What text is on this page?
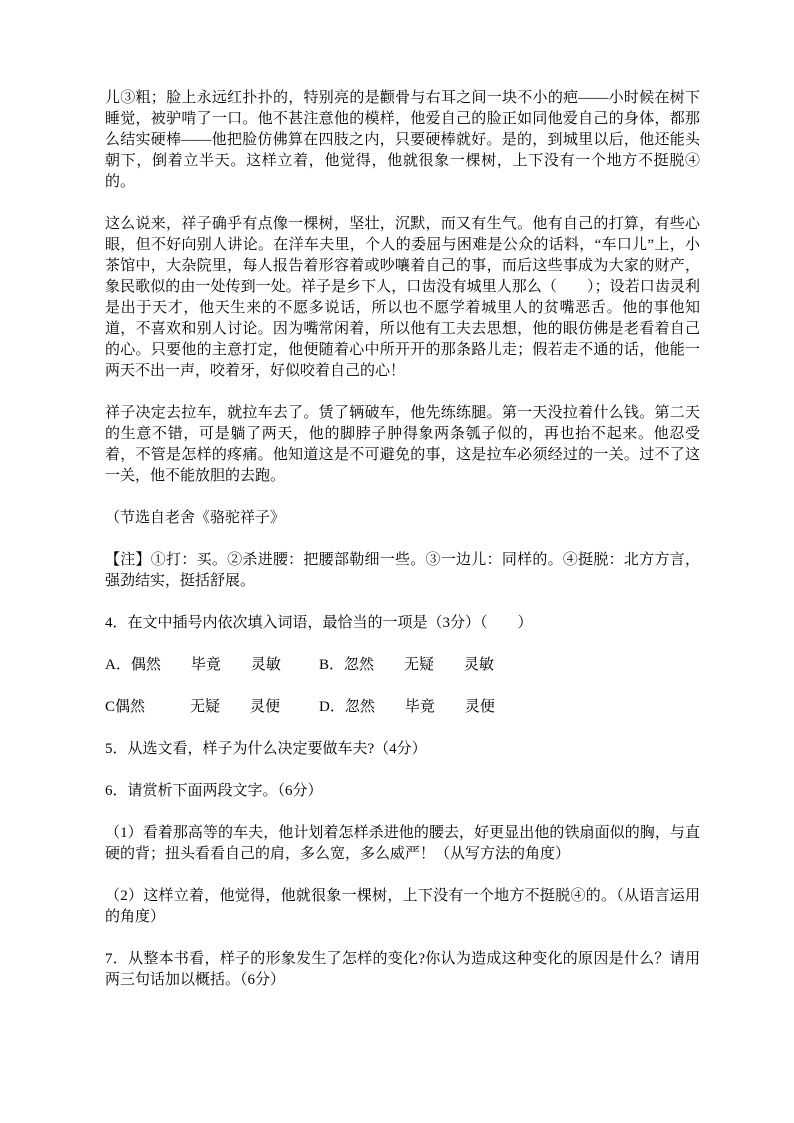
儿③粗；脸上永远红扑扑的，特别亮的是颧骨与右耳之间一块不小的疤——小时候在树下睡觉，被驴啃了一口。他不甚注意他的模样，他爱自己的脸正如同他爱自己的身体，都那么结实硬棒——他把脸仿佛算在四肢之内，只要硬棒就好。是的，到城里以后，他还能头朝下，倒着立半天。这样立着，他觉得，他就很象一棵树，上下没有一个地方不挺脱④的。

这么说来，祥子确乎有点像一棵树，坚壮，沉默，而又有生气。他有自己的打算，有些心眼，但不好向别人讲论。在洋车夫里，个人的委屈与困难是公众的话料，“车口儿”上，小茶馆中，大杂院里，每人报告着形容着或吵嚷着自己的事，而后这些事成为大家的财产，象民歌似的由一处传到一处。祥子是乡下人，口齿没有城里人那么（　　）；设若口齿灵利是出于天才，他天生来的不愿多说话，所以也不愿学着城里人的贫嘴恶舌。他的事他知道，不喜欢和别人讨论。因为嘴常闲着，所以他有工夫去思想，他的眼仿佛是老看着自己的心。只要他的主意打定，他便随着心中所开开的那条路儿走；假若走不通的话，他能一两天不出一声，咬着牙，好似咬着自己的心！

祥子决定去拉车，就拉车去了。赁了辆破车，他先练练腿。第一天没拉着什么钱。第二天的生意不错，可是躺了两天，他的脚脖子肿得象两条瓠子似的，再也抬不起来。他忍受着，不管是怎样的疼痛。他知道这是不可避免的事，这是拉车必须经过的一关。过不了这一关，他不能放胆的去跑。

（节选自老舍《骆驼祥子》

【注】①打：买。②杀进腰：把腰部勒细一些。③一边儿：同样的。④挺脱：北方方言，强劲结实，挺括舒展。

4．在文中插号内依次填入词语，最恰当的一项是（3分）（　　）

A．偶然　　毕竟　　灵敏	B．忽然　　无疑　　灵敏

C偶然　　　无疑　　灵便	D．忽然　　毕竟　　灵便

5．从选文看，样子为什么决定要做车夫?（4分）

6．请赏析下面两段文字。（6分）

（1）看着那高等的车夫，他计划着怎样杀进他的腰去，好更显出他的铁扇面似的胸，与直硬的背；扭头看看自己的肩，多么宽，多么威严！（从写方法的角度）

（2）这样立着，他觉得，他就很象一棵树，上下没有一个地方不挺脱④的。（从语言运用的角度）

7．从整本书看，样子的形象发生了怎样的变化?你认为造成这种变化的原因是什么？请用两三句话加以概括。（6分）
